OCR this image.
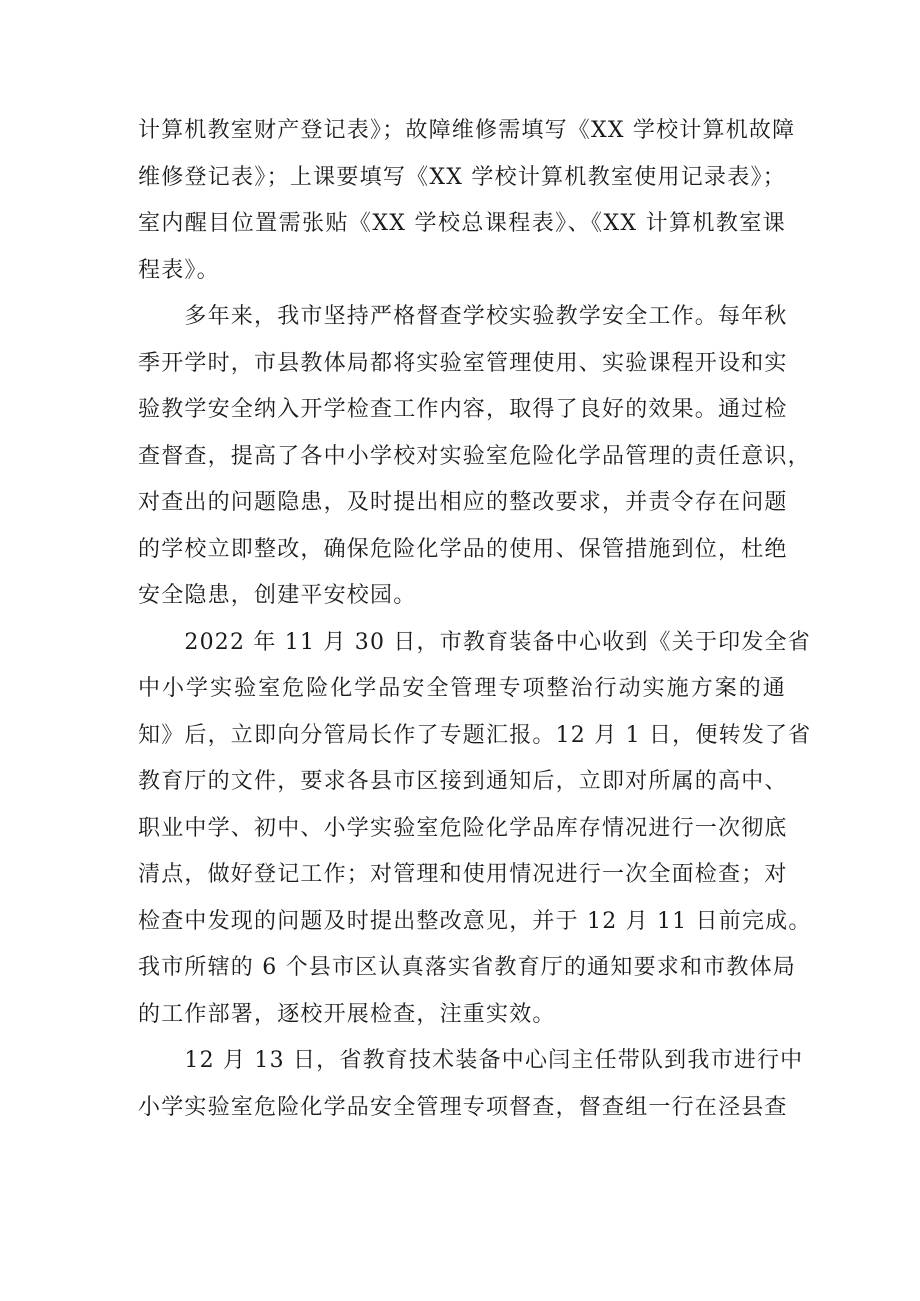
计算机教室财产登记表》；故障维修需填写《XX 学校计算机故障
维修登记表》；上课要填写《XX 学校计算机教室使用记录表》；
室内醒目位置需张贴《XX 学校总课程表》、《XX 计算机教室课
程表》。
　　多年来，我市坚持严格督查学校实验教学安全工作。每年秋
季开学时，市县教体局都将实验室管理使用、实验课程开设和实
验教学安全纳入开学检查工作内容，取得了良好的效果。通过检
查督查，提高了各中小学校对实验室危险化学品管理的责任意识，
对查出的问题隐患，及时提出相应的整改要求，并责令存在问题
的学校立即整改，确保危险化学品的使用、保管措施到位，杜绝
安全隐患，创建平安校园。
　　2022 年 11 月 30 日，市教育装备中心收到《关于印发全省
中小学实验室危险化学品安全管理专项整治行动实施方案的通
知》后，立即向分管局长作了专题汇报。12 月 1 日，便转发了省
教育厅的文件，要求各县市区接到通知后，立即对所属的高中、
职业中学、初中、小学实验室危险化学品库存情况进行一次彻底
清点，做好登记工作；对管理和使用情况进行一次全面检查；对
检查中发现的问题及时提出整改意见，并于 12 月 11 日前完成。
我市所辖的 6 个县市区认真落实省教育厅的通知要求和市教体局
的工作部署，逐校开展检查，注重实效。
　　12 月 13 日，省教育技术装备中心闫主任带队到我市进行中
小学实验室危险化学品安全管理专项督查，督查组一行在泾县查
